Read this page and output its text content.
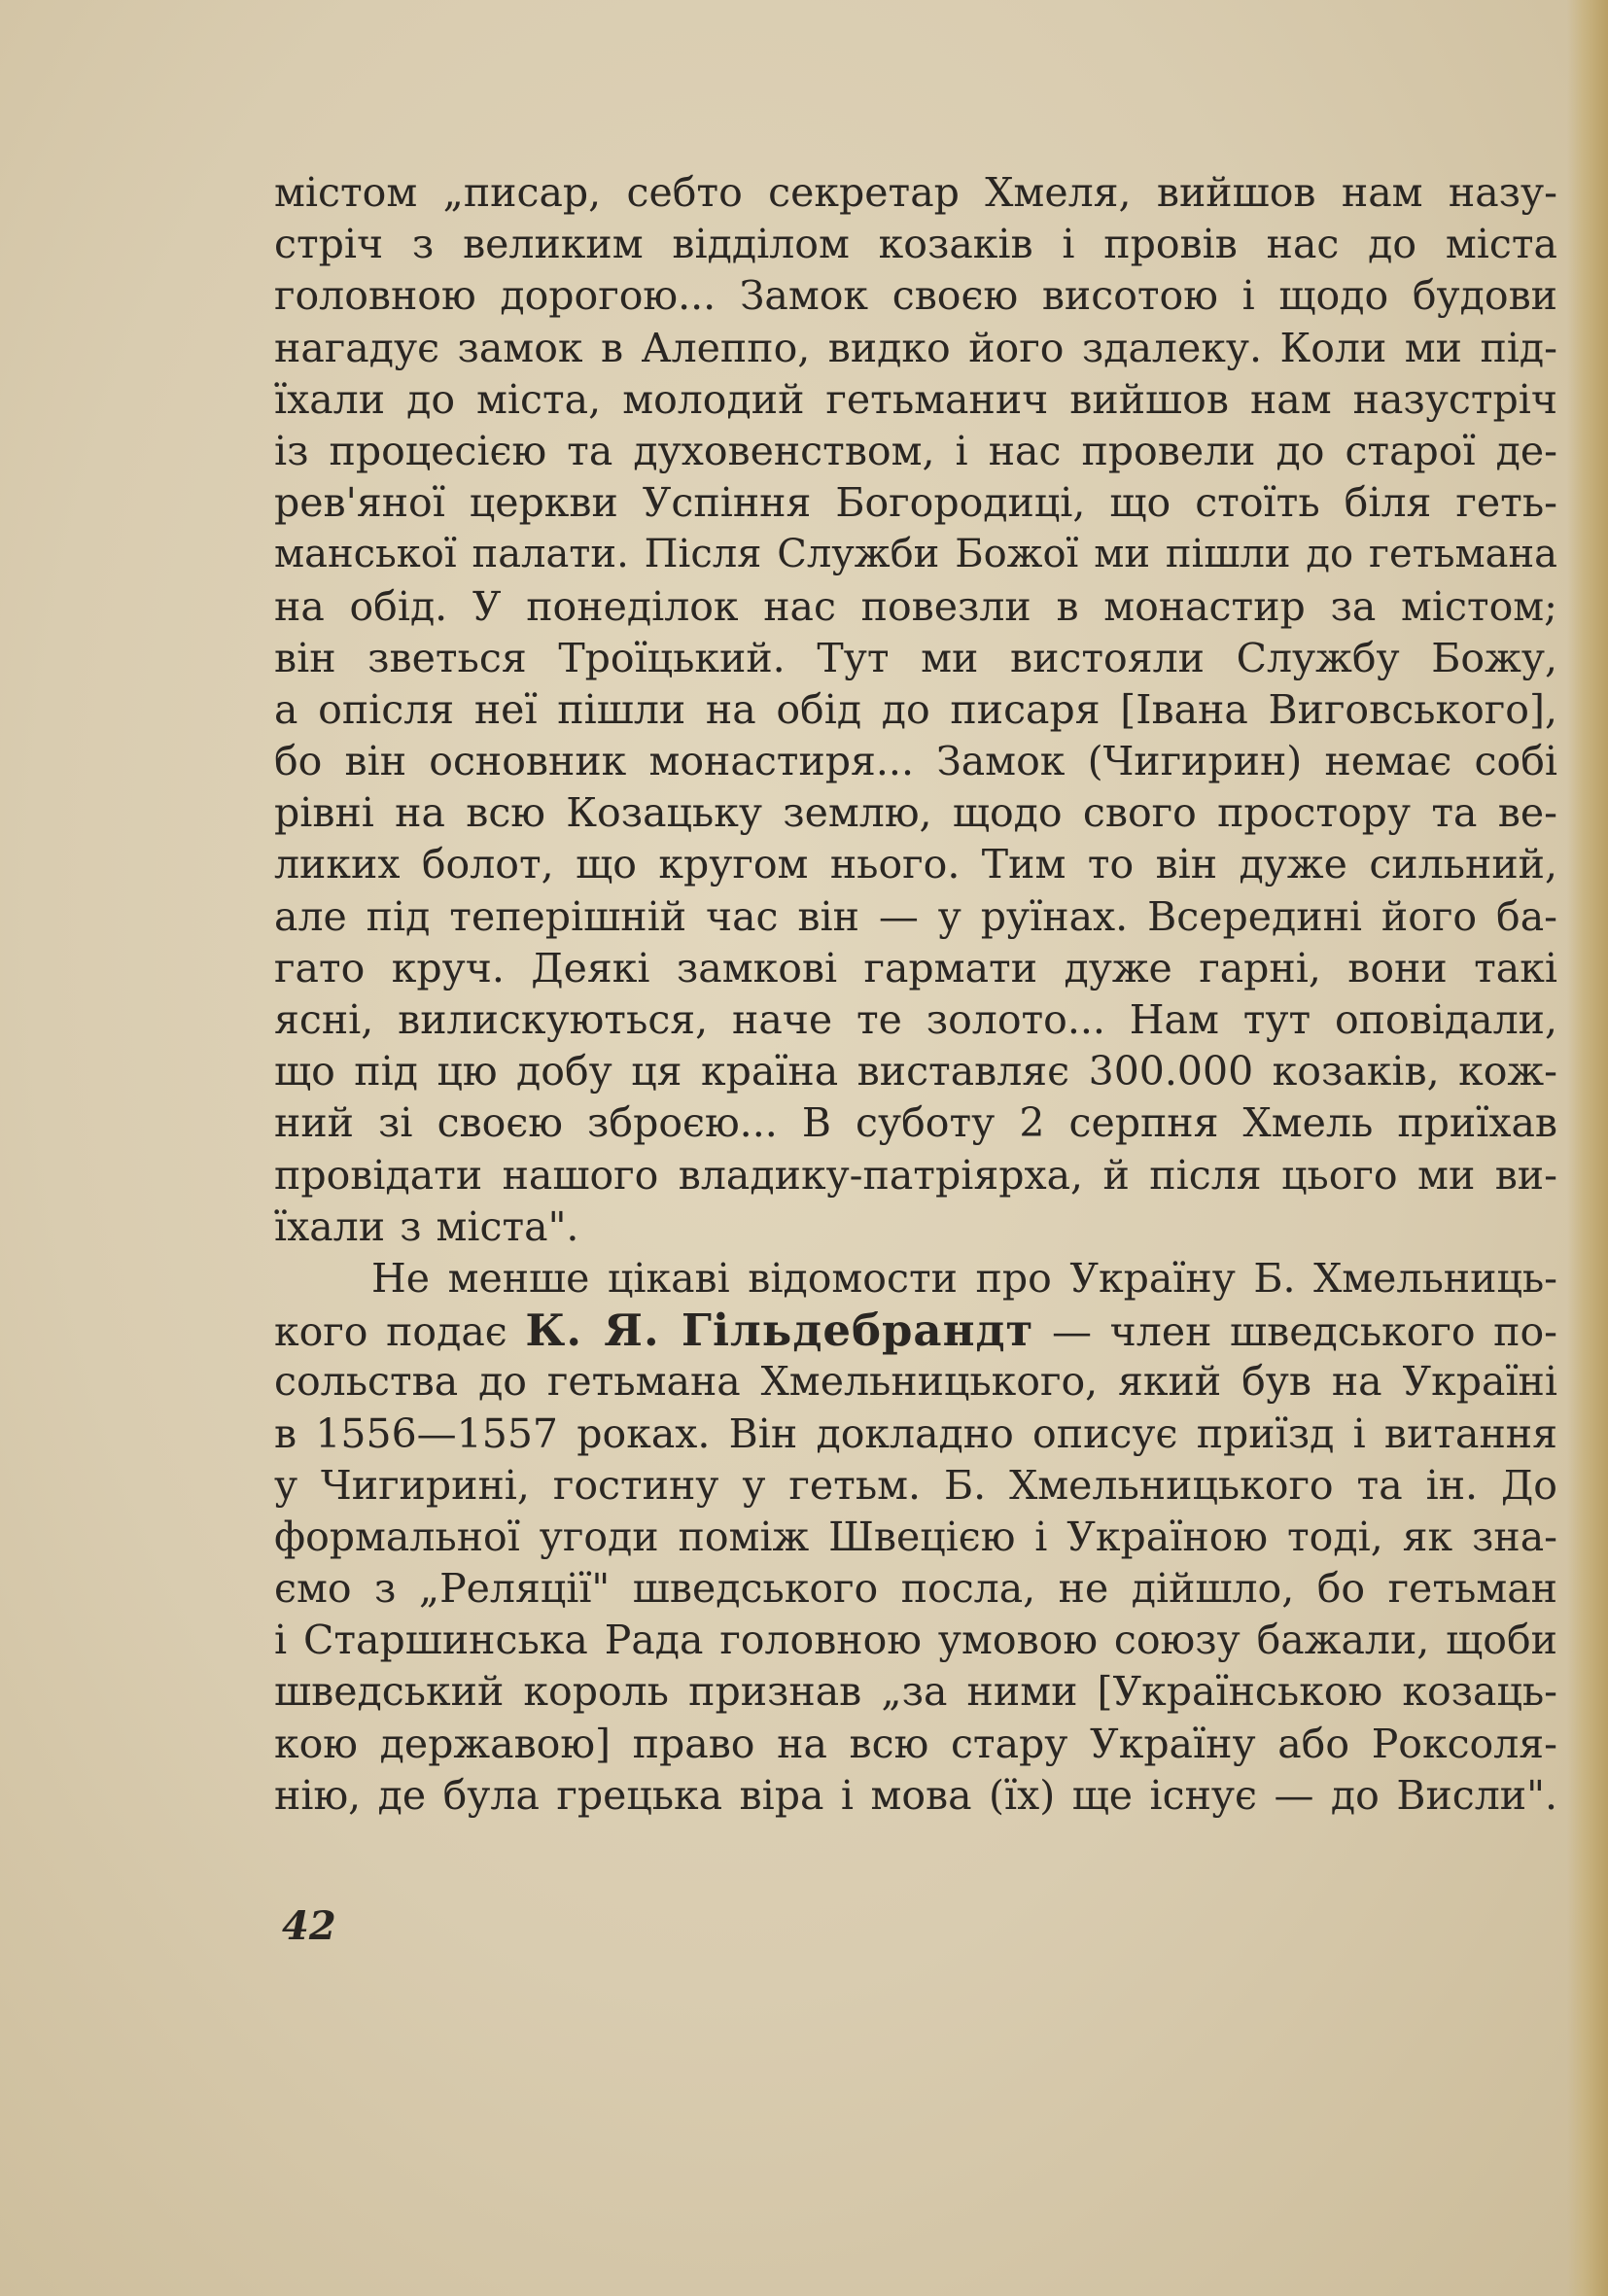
містом „писар, себто секретар Хмеля, вийшов нам назу-
стріч з великим відділом козаків і провів нас до міста
головною дорогою... Замок своєю висотою і щодо будови
нагадує замок в Алеппо, видко його здалеку. Коли ми під-
їхали до міста, молодий гетьманич вийшов нам назустріч
із процесією та духовенством, і нас провели до старої де-
рев'яної церкви Успіння Богородиці, що стоїть біля геть-
манської палати. Після Служби Божої ми пішли до гетьмана
на обід. У понеділок нас повезли в монастир за містом;
він зветься Троїцький. Тут ми вистояли Службу Божу,
а опісля неї пішли на обід до писаря [Івана Виговського],
бо він основник монастиря... Замок (Чигирин) немає собі
рівні на всю Козацьку землю, щодо свого простору та ве-
ликих болот, що кругом нього. Тим то він дуже сильний,
але під теперішній час він — у руїнах. Всередині його ба-
гато круч. Деякі замкові гармати дуже гарні, вони такі
ясні, вилискуються, наче те золото... Нам тут оповідали,
що під цю добу ця країна виставляє 300.000 козаків, кож-
ний зі своєю зброєю... В суботу 2 серпня Хмель приїхав
провідати нашого владику-патріярха, й після цього ми ви-
їхали з міста".
Не менше цікаві відомости про Україну Б. Хмельниць-
кого подає К. Я. Гільдебрандт — член шведського по-
сольства до гетьмана Хмельницького, який був на Україні
в 1556—1557 роках. Він докладно описує приїзд і витання
у Чигирині, гостину у гетьм. Б. Хмельницького та ін. До
формальної угоди поміж Швецією і Україною тоді, як зна-
ємо з „Реляції" шведського посла, не дійшло, бо гетьман
і Старшинська Рада головною умовою союзу бажали, щоби
шведський король признав „за ними [Українською козаць-
кою державою] право на всю стару Україну або Роксоля-
нію, де була грецька віра і мова (їх) ще існує — до Висли".
42
